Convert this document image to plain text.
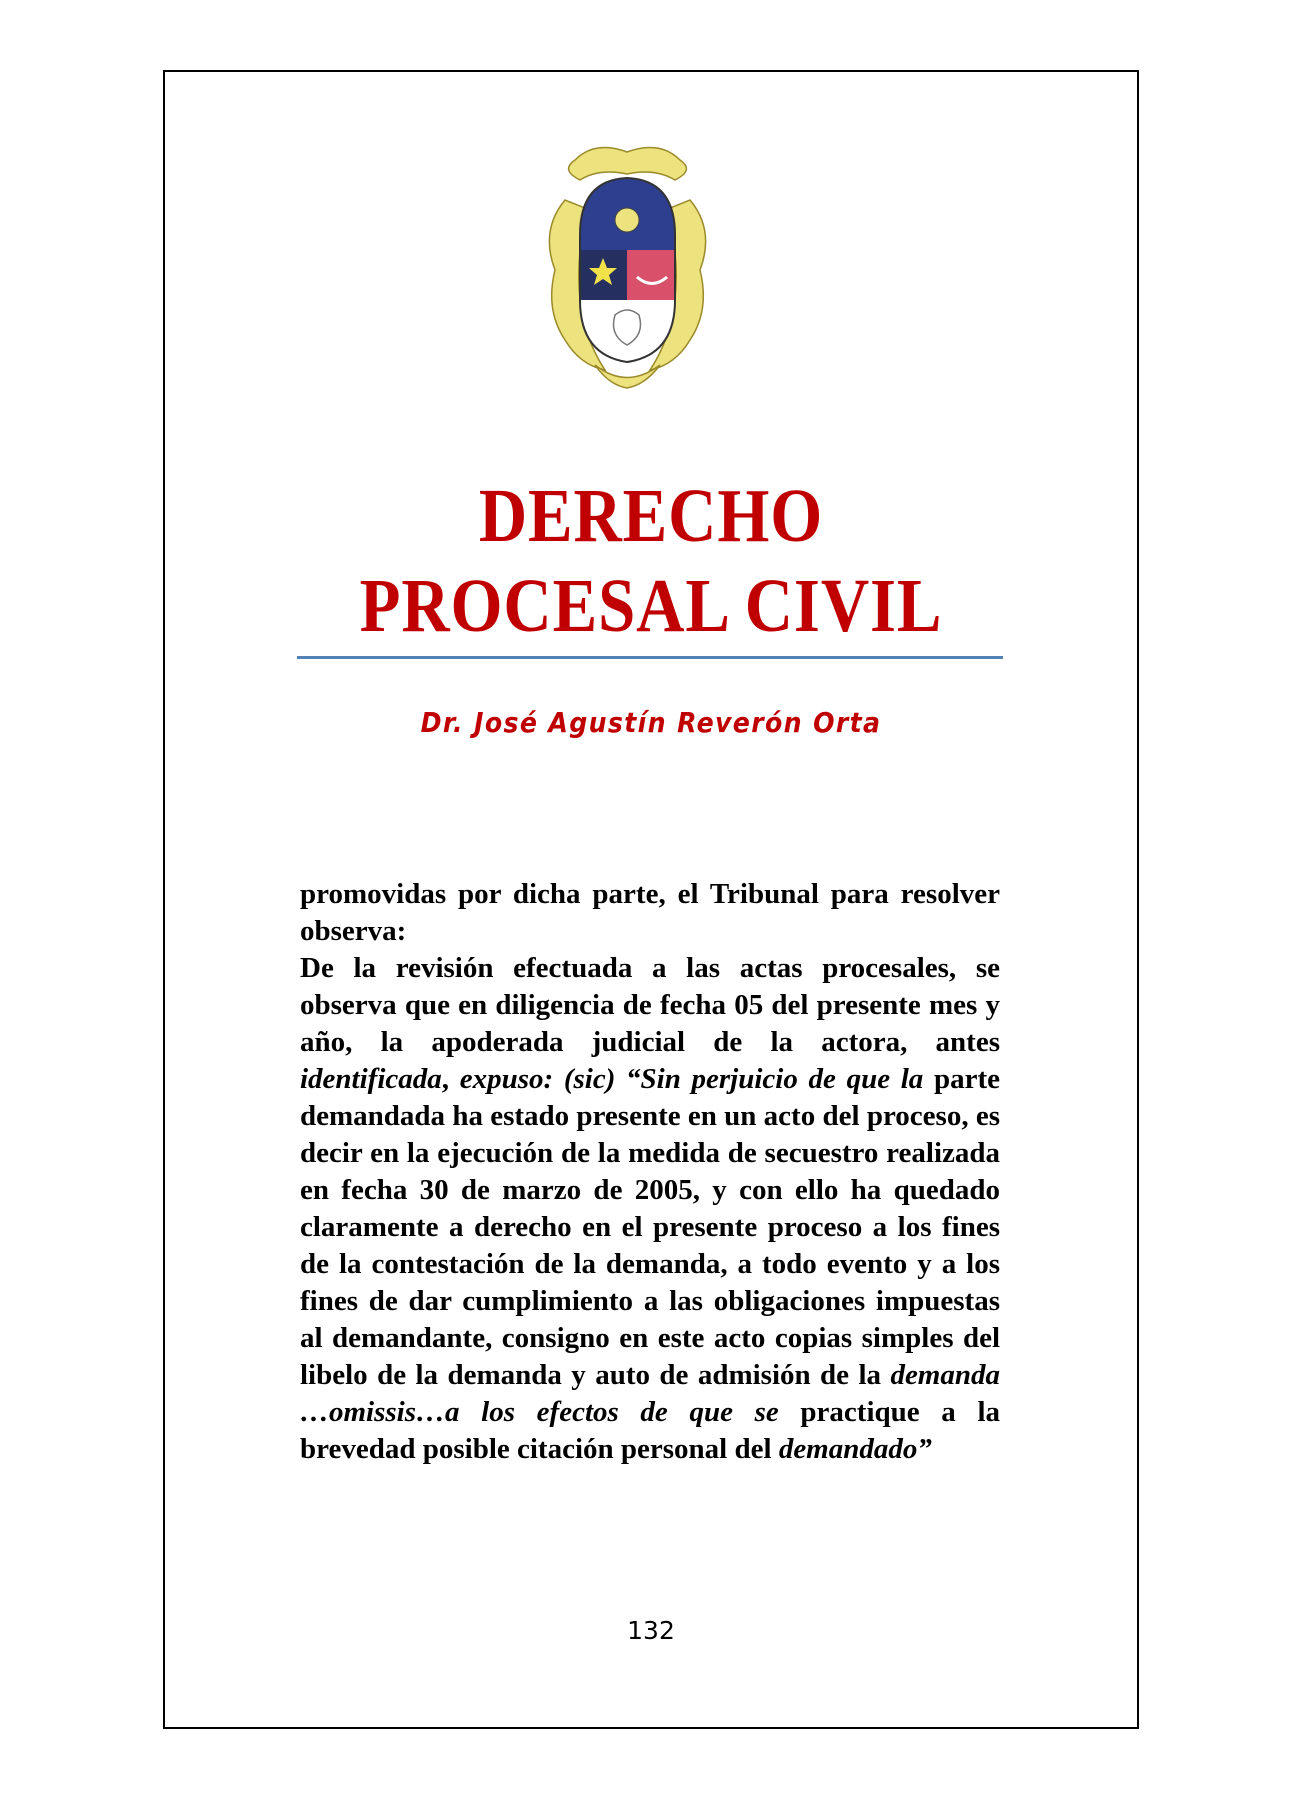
DERECHO
PROCESAL CIVIL
Dr. José Agustín Reverón Orta

promovidas por dicha parte, el Tribunal para resolver observa:

De la revisión efectuada a las actas procesales, se observa que en diligencia de fecha 05 del presente mes y año, la apoderada judicial de la actora, antes identificada, expuso: (sic) “Sin perjuicio de que la parte demandada ha estado presente en un acto del proceso, es decir en la ejecución de la medida de secuestro realizada en fecha 30 de marzo de 2005, y con ello ha quedado claramente a derecho en el presente proceso a los fines de la contestación de la demanda, a todo evento y a los fines de dar cumplimiento a las obligaciones impuestas al demandante, consigno en este acto copias simples del libelo de la demanda y auto de admisión de la demanda …omissis…a los efectos de que se practique a la brevedad posible citación personal del demandado”

132
